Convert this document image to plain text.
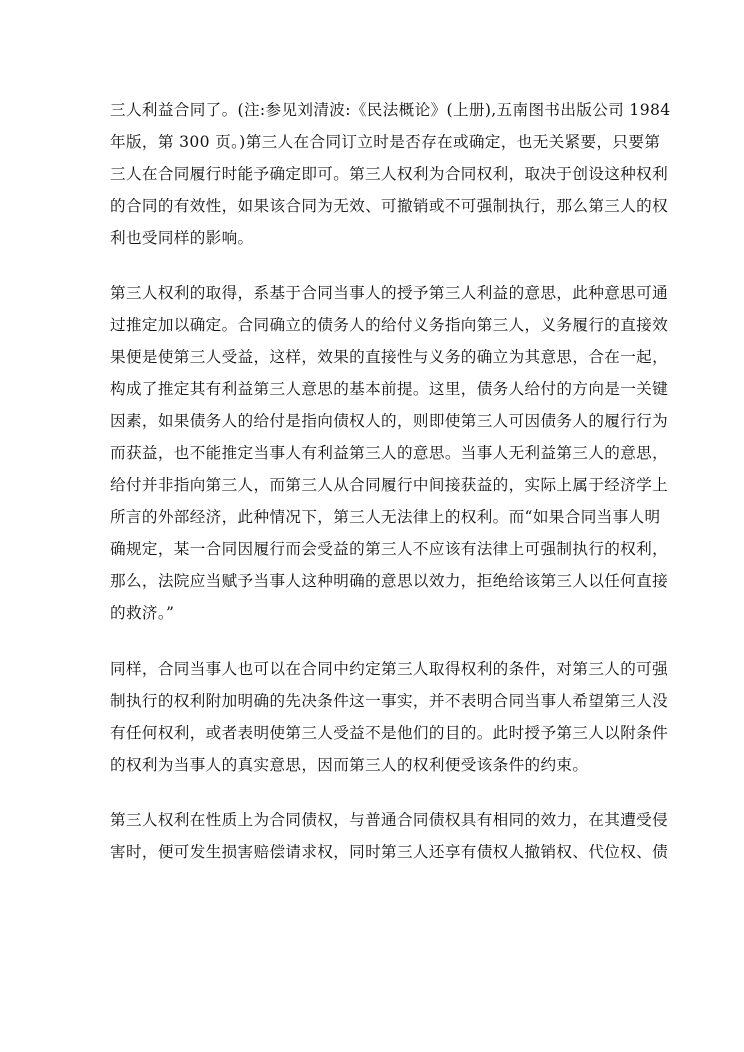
三人利益合同了。(注:参见刘清波:《民法概论》(上册),五南图书出版公司 1984
年版，第 300 页。)第三人在合同订立时是否存在或确定，也无关紧要，只要第
三人在合同履行时能予确定即可。第三人权利为合同权利，取决于创设这种权利
的合同的有效性，如果该合同为无效、可撤销或不可强制执行，那么第三人的权
利也受同样的影响。

第三人权利的取得，系基于合同当事人的授予第三人利益的意思，此种意思可通
过推定加以确定。合同确立的债务人的给付义务指向第三人，义务履行的直接效
果便是使第三人受益，这样，效果的直接性与义务的确立为其意思，合在一起，
构成了推定其有利益第三人意思的基本前提。这里，债务人给付的方向是一关键
因素，如果债务人的给付是指向债权人的，则即使第三人可因债务人的履行行为
而获益，也不能推定当事人有利益第三人的意思。当事人无利益第三人的意思，
给付并非指向第三人，而第三人从合同履行中间接获益的，实际上属于经济学上
所言的外部经济，此种情况下，第三人无法律上的权利。而“如果合同当事人明
确规定，某一合同因履行而会受益的第三人不应该有法律上可强制执行的权利，
那么，法院应当赋予当事人这种明确的意思以效力，拒绝给该第三人以任何直接
的救济。”

同样，合同当事人也可以在合同中约定第三人取得权利的条件，对第三人的可强
制执行的权利附加明确的先决条件这一事实，并不表明合同当事人希望第三人没
有任何权利，或者表明使第三人受益不是他们的目的。此时授予第三人以附条件
的权利为当事人的真实意思，因而第三人的权利便受该条件的约束。

第三人权利在性质上为合同债权，与普通合同债权具有相同的效力，在其遭受侵
害时，便可发生损害赔偿请求权，同时第三人还享有债权人撤销权、代位权、债
